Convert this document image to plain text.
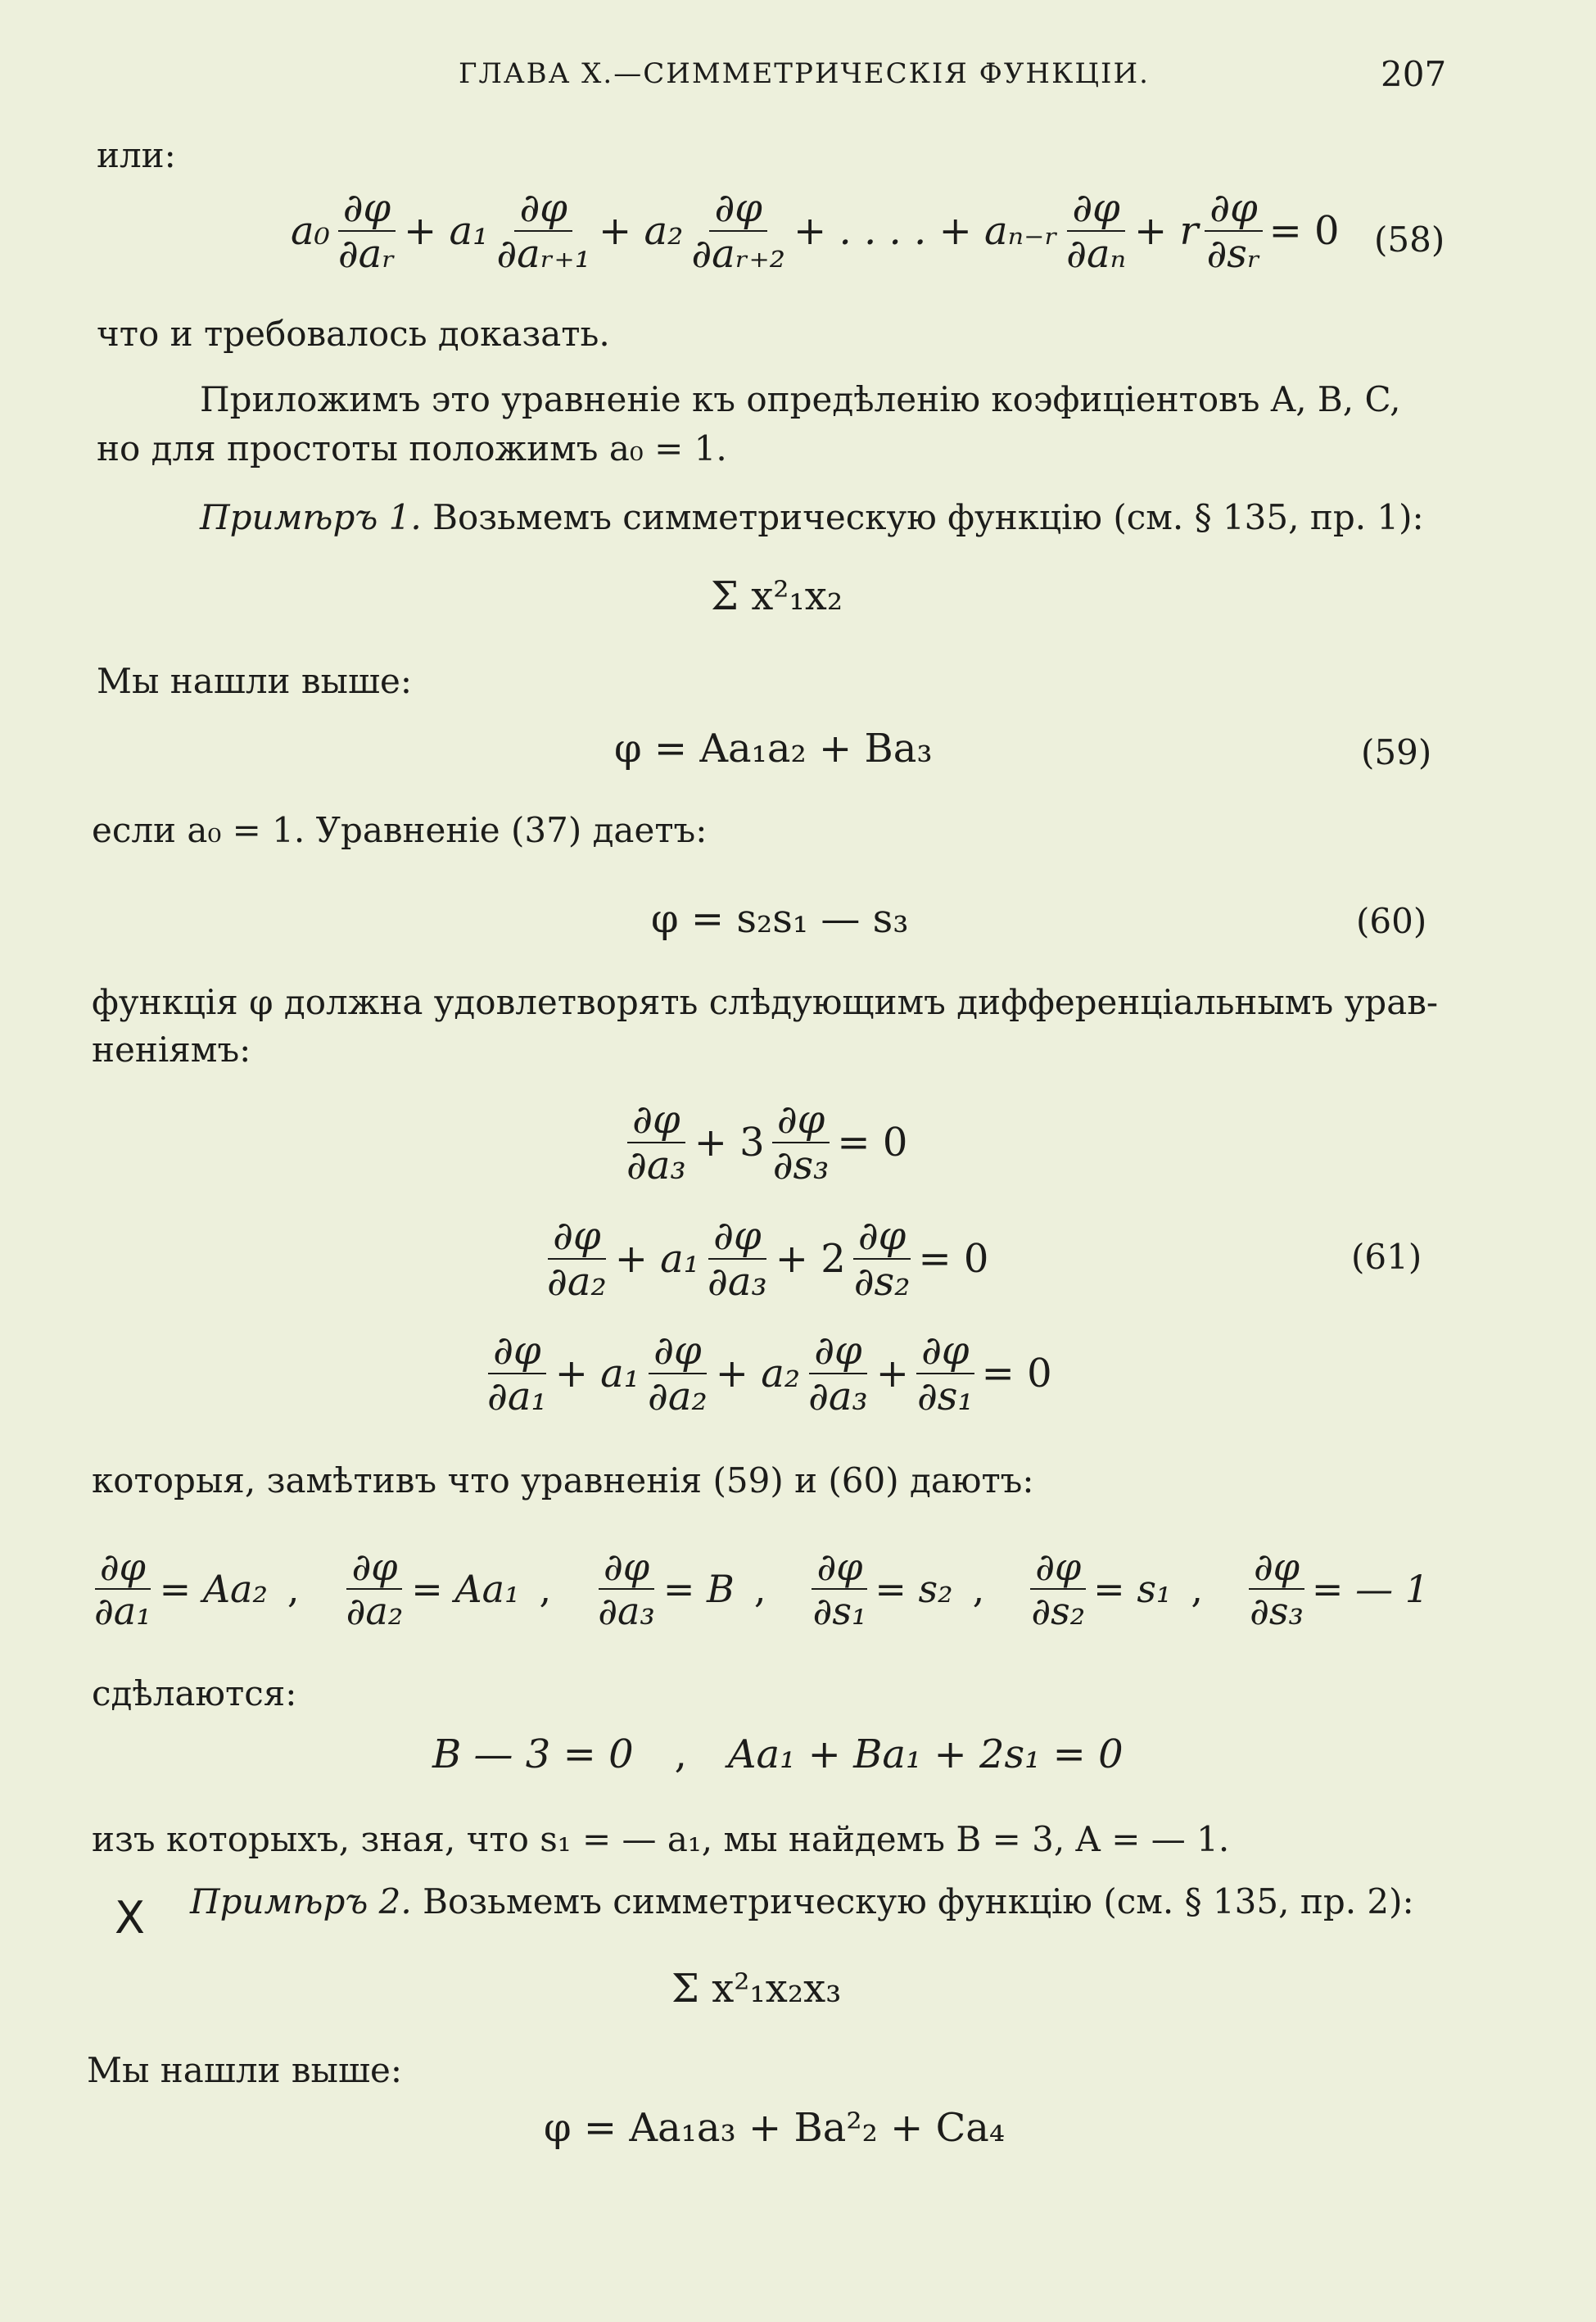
ГЛАВА X.—СИММЕТРИЧЕСКІЯ ФУНКЦІИ.	207
или:
$a_0 \frac{\partial\varphi}{\text{∂aᵣ}} + a_1 \frac{\partial\varphi}{\text{∂aᵣ₊₁}} + a_2 \frac{\partial\varphi}{\text{∂aᵣ₊₂}}$ + . . . . + aₙ₋ᵣ $\frac{\partial\varphi}{\text{∂aₙ}} + r \frac{\partial\varphi}{\text{∂sᵣ}} = 0$ (58)
что и требовалось доказать.
Приложимъ это уравненіе къ опредѣленію коэфиціентовъ A, B, C,
но для простоты положимъ a₀ = 1.
Примѣръ 1. Возьмемъ симметрическую функцію (см. § 135, пр. 1):
Σ x²₁x₂
Мы нашли выше:
φ = Aa₁a₂ + Ba₃	(59)
если a₀ = 1. Уравненіе (37) даетъ:
φ = s₂s₁ — s₃	(60)
функція φ должна удовлетворять слѣдующимъ дифференціальнымъ урав-
неніямъ:
$\frac{\partial\varphi}{\text{∂a₃}} + 3 \frac{\partial\varphi}{\text{∂s₃}} = 0$
$\frac{\partial\varphi}{\text{∂a₂}} + a_1 \frac{\partial\varphi}{\text{∂a₃}} + 2 \frac{\partial\varphi}{\text{∂s₂}} = 0$	(61)
$\frac{\partial\varphi}{\text{∂a₁}} + a_1 \frac{\partial\varphi}{\text{∂a₂}} + a_2 \frac{\partial\varphi}{\text{∂a₃}} + \frac{\partial\varphi}{\text{∂s₁}} = 0$
которыя, замѣтивъ что уравненія (59) и (60) даютъ:
$\frac{\partial\varphi}{\text{∂a₁}} = Aa_2$ , $\frac{\partial\varphi}{\text{∂a₂}} = Aa_1$ , $\frac{\partial\varphi}{\text{∂a₃}} = B$ , $\frac{\partial\varphi}{\text{∂s₁}} = s_2$ , $\frac{\partial\varphi}{\text{∂s₂}} = s_1$ , $\frac{\partial\varphi}{\text{∂s₃}}$ = — 1
сдѣлаются:
B — 3 = 0 , Aa₁ + Ba₁ + 2s₁ = 0
изъ которыхъ, зная, что s₁ = — a₁, мы найдемъ B = 3, A = — 1.
X Примѣръ 2. Возьмемъ симметрическую функцію (см. § 135, пр. 2):
Σ x²₁x₂x₃
Мы нашли выше:
φ = Aa₁a₃ + Ba²₂ + Ca₄
